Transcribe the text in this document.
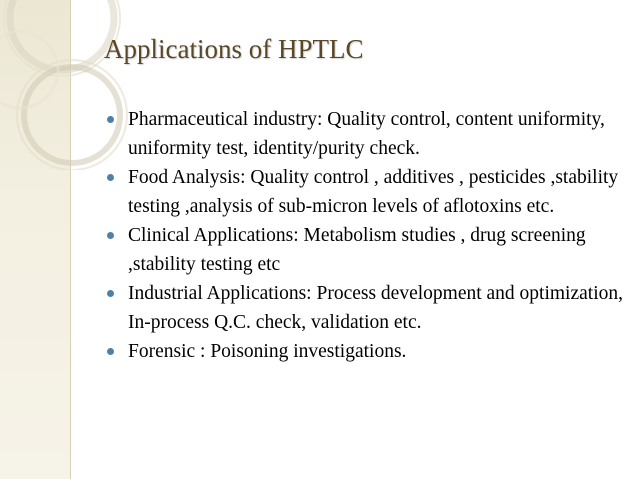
Applications of HPTLC
Pharmaceutical industry: Quality control, content uniformity, uniformity test, identity/purity check.
Food Analysis: Quality control , additives , pesticides ,stability testing ,analysis of sub-micron levels of aflotoxins etc.
Clinical Applications: Metabolism studies , drug screening ,stability testing etc
Industrial Applications: Process development and optimization, In-process Q.C. check, validation etc.
Forensic : Poisoning investigations.
